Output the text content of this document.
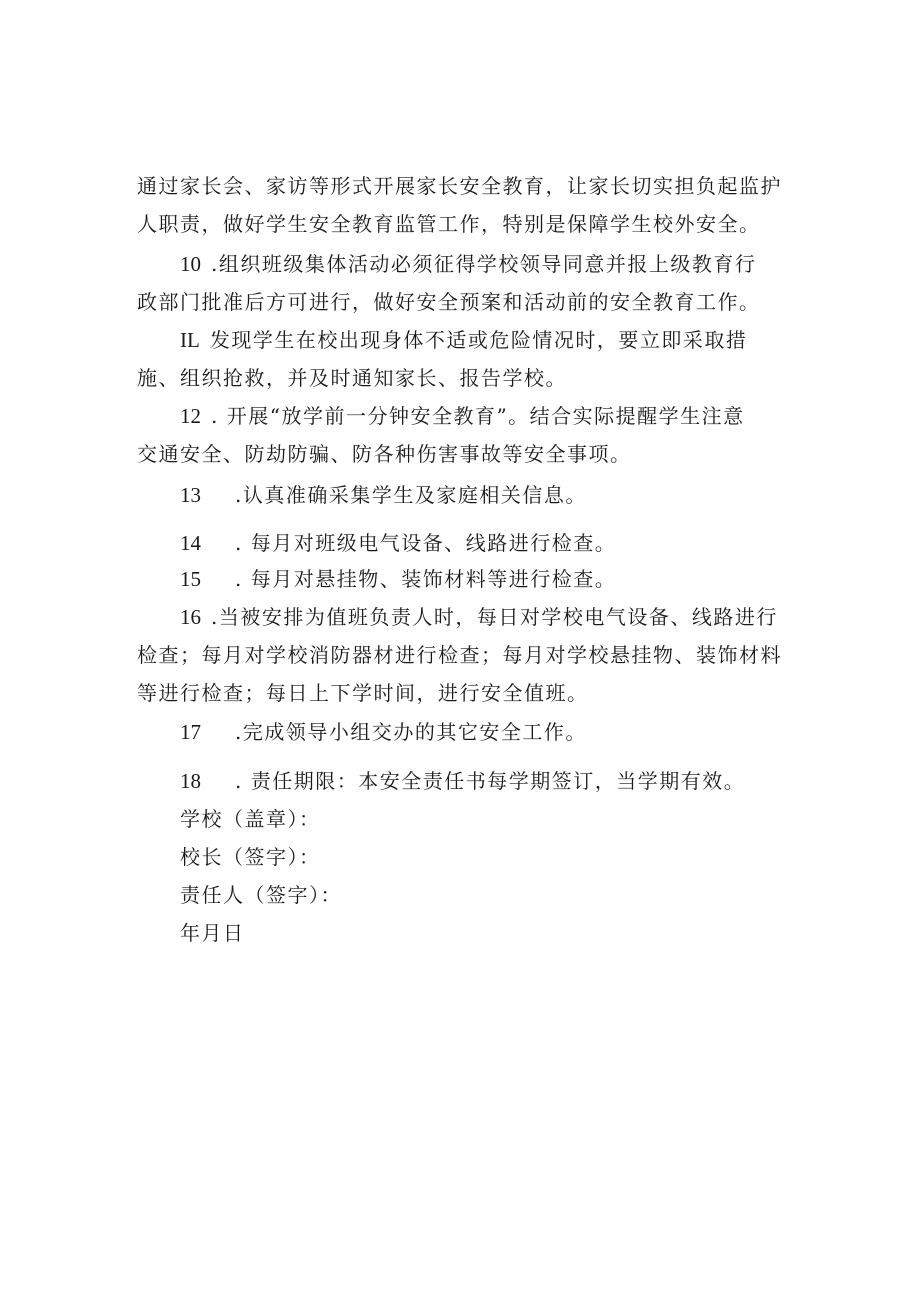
通过家长会、家访等形式开展家长安全教育，让家长切实担负起监护
人职责，做好学生安全教育监管工作，特别是保障学生校外安全。
10 .组织班级集体活动必须征得学校领导同意并报上级教育行
政部门批准后方可进行，做好安全预案和活动前的安全教育工作。
IL 发现学生在校出现身体不适或危险情况时，要立即采取措
施、组织抢救，并及时通知家长、报告学校。
12 . 开展“放学前一分钟安全教育”。结合实际提醒学生注意
交通安全、防劫防骗、防各种伤害事故等安全事项。
13 .认真准确采集学生及家庭相关信息。
14 . 每月对班级电气设备、线路进行检查。
15 . 每月对悬挂物、装饰材料等进行检查。
16 .当被安排为值班负责人时，每日对学校电气设备、线路进行
检查；每月对学校消防器材进行检查；每月对学校悬挂物、装饰材料
等进行检查；每日上下学时间，进行安全值班。
17 .完成领导小组交办的其它安全工作。
18 . 责任期限：本安全责任书每学期签订，当学期有效。
学校（盖章）：
校长（签字）：
责任人（签字）：
年月日
